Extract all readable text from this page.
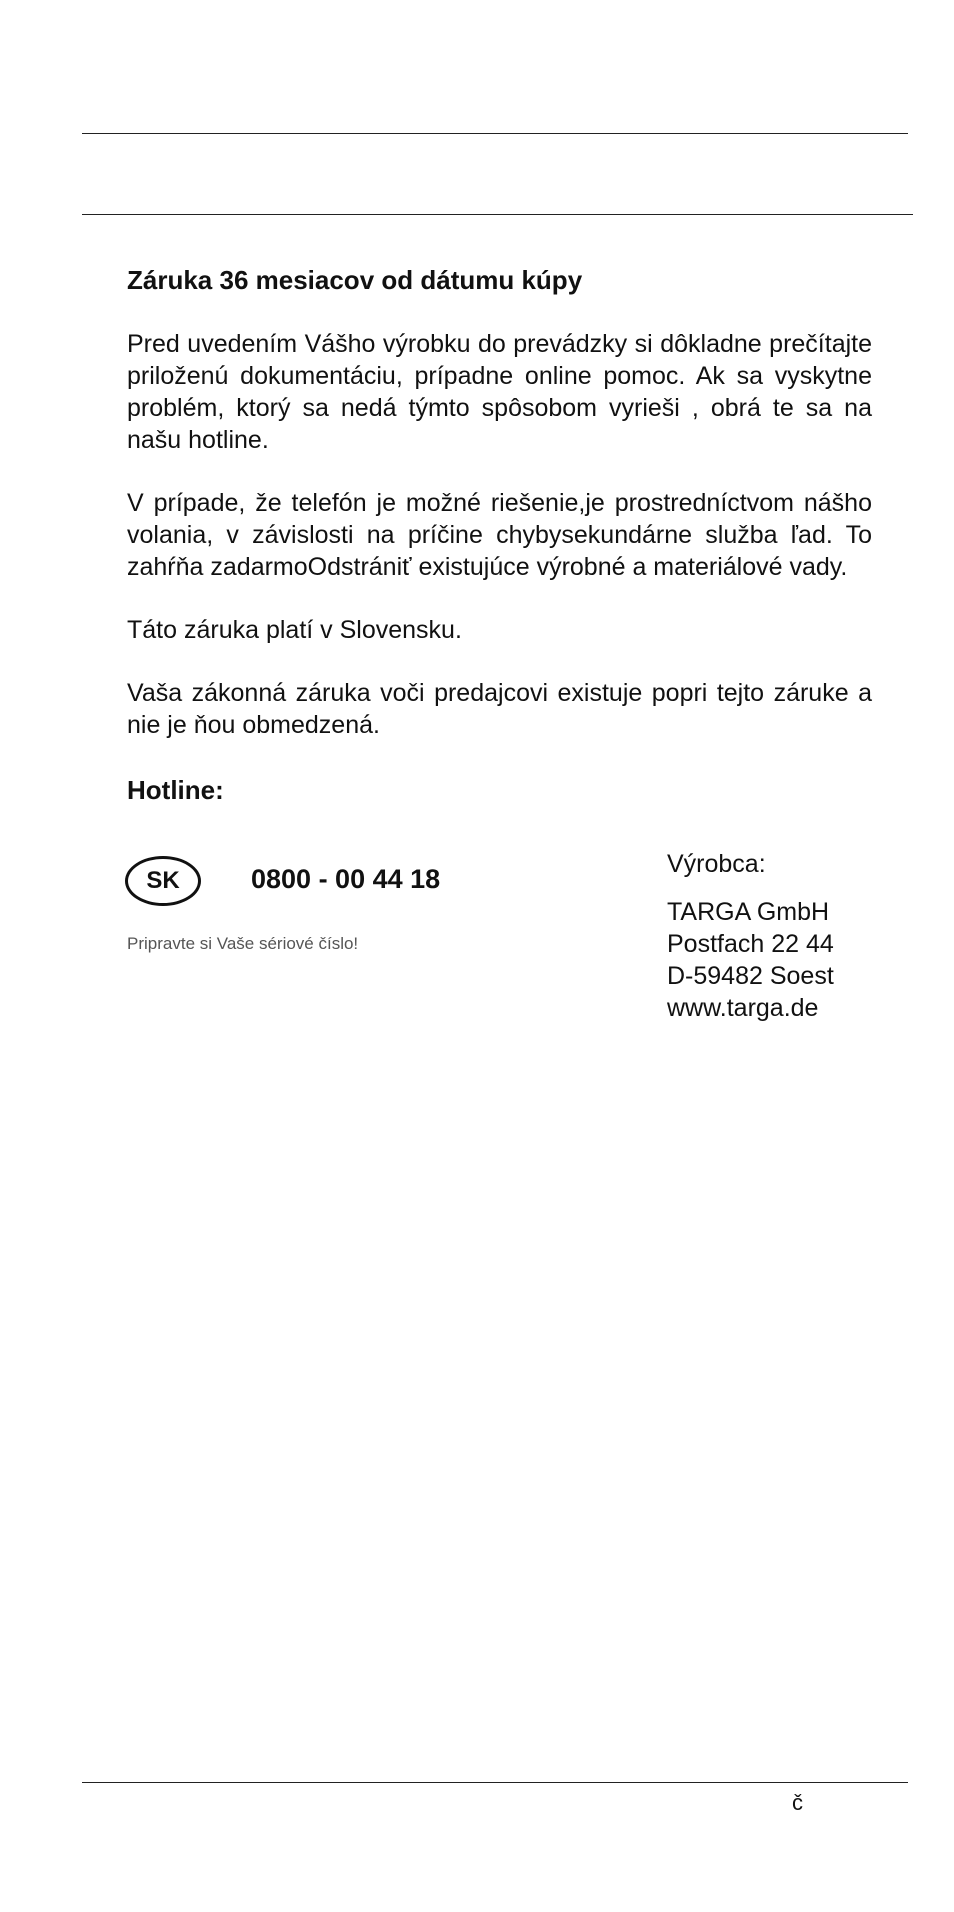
Záruka 36 mesiacov od dátumu kúpy

Pred uvedením Vášho výrobku do prevádzky si dôkladne prečítajte priloženú dokumentáciu, prípadne online pomoc. Ak sa vyskytne problém, ktorý sa nedá týmto spôsobom vyrieši , obrá te sa na našu hotline.

V prípade, že telefón je možné riešenie,je prostredníctvom nášho volania, v závislosti na príčine chybysekundárne služba ľad. To zahŕňa zadarmoOdstrániť existujúce výrobné a materiálové vady.

Táto záruka platí v Slovensku.

Vaša zákonná záruka voči predajcovi existuje popri tejto záruke a nie je ňou obmedzená.

Hotline:

SK	0800 - 00 44 18
Pripravte si Vaše sériové číslo!

Výrobca:

TARGA GmbH

Postfach 22 44

D-59482 Soest

www.targa.de

č
